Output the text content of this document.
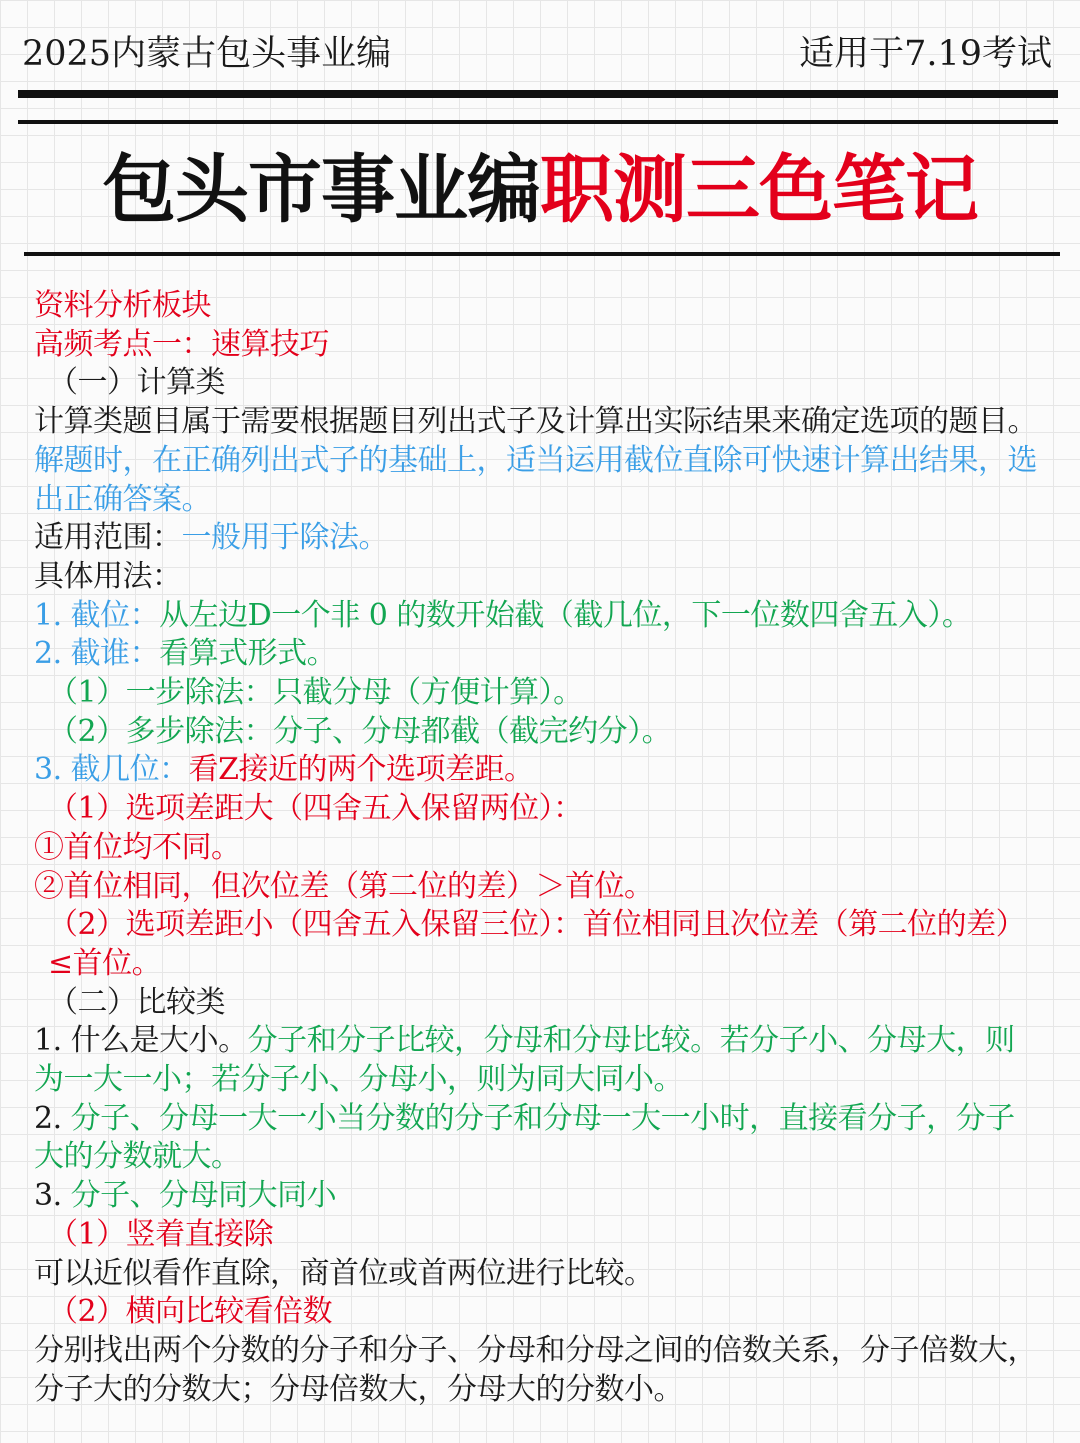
2025内蒙古包头事业编	适用于7.19考试
包头市事业编职测三色笔记

资料分析板块

高频考点一：速算技巧

（一）计算类

计算类题目属于需要根据题目列出式子及计算出实际结果来确定选项的题目。解题时，在正确列出式子的基础上，适当运用截位直除可快速计算出结果，选出正确答案。

适用范围：一般用于除法。

具体用法：

1. 截位：从左边D一个非 0 的数开始截（截几位，下一位数四舍五入）。

2. 截谁：看算式形式。

（1）一步除法：只截分母（方便计算）。

（2）多步除法：分子、分母都截（截完约分）。

3. 截几位：看Z接近的两个选项差距。

（1）选项差距大（四舍五入保留两位）：

①首位均不同。

②首位相同，但次位差（第二位的差）＞首位。

（2）选项差距小（四舍五入保留三位）：首位相同且次位差（第二位的差）≤首位。

（二）比较类

1. 什么是大小。分子和分子比较，分母和分母比较。若分子小、分母大，则为一大一小；若分子小、分母小，则为同大同小。

2. 分子、分母一大一小当分数的分子和分母一大一小时，直接看分子，分子大的分数就大。

3. 分子、分母同大同小

（1）竖着直接除

可以近似看作直除，商首位或首两位进行比较。

（2）横向比较看倍数

分别找出两个分数的分子和分子、分母和分母之间的倍数关系，分子倍数大，分子大的分数大；分母倍数大，分母大的分数小。
